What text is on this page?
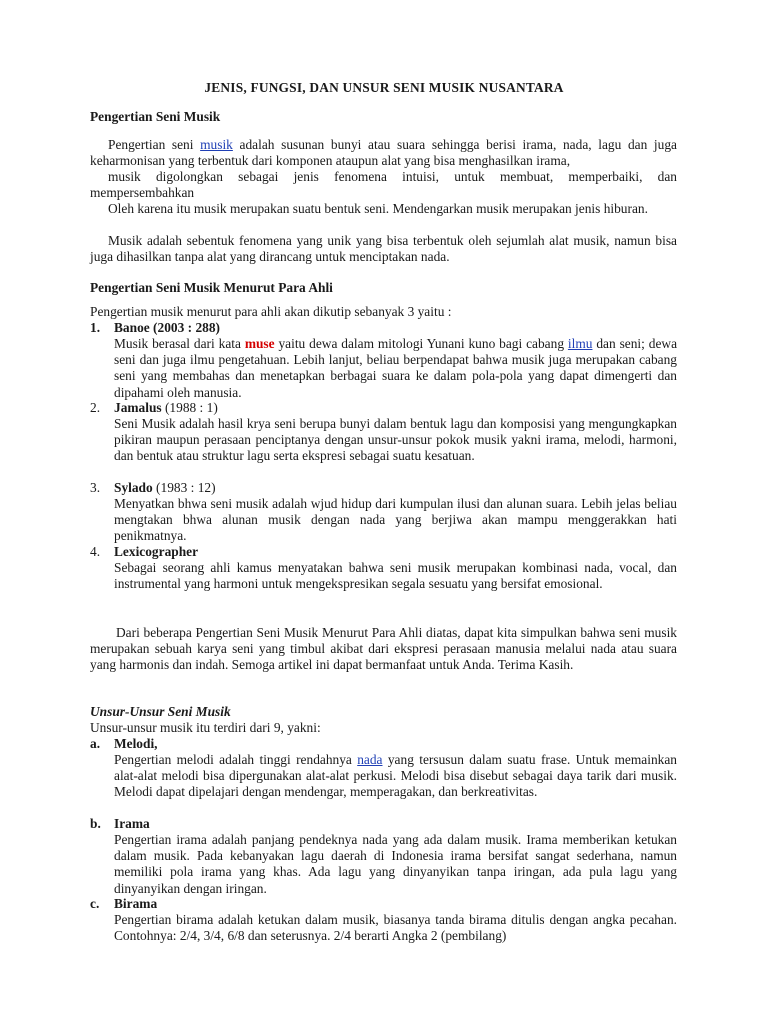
JENIS, FUNGSI, DAN UNSUR SENI MUSIK NUSANTARA
Pengertian Seni Musik
Pengertian seni musik adalah susunan bunyi atau suara sehingga berisi irama, nada, lagu dan juga keharmonisan yang terbentuk dari komponen ataupun alat yang bisa menghasilkan irama,
musik digolongkan sebagai jenis fenomena intuisi, untuk membuat, memperbaiki, dan mempersembahkan
Oleh karena itu musik merupakan suatu bentuk seni. Mendengarkan musik merupakan jenis hiburan.
Musik adalah sebentuk fenomena yang unik yang bisa terbentuk oleh sejumlah alat musik, namun bisa juga dihasilkan tanpa alat yang dirancang untuk menciptakan nada.
Pengertian Seni Musik Menurut Para Ahli
Pengertian musik menurut para ahli akan dikutip sebanyak 3 yaitu :
1. Banoe (2003 : 288)
Musik berasal dari kata muse yaitu dewa dalam mitologi Yunani kuno bagi cabang ilmu dan seni; dewa seni dan juga ilmu pengetahuan. Lebih lanjut, beliau berpendapat bahwa musik juga merupakan cabang seni yang membahas dan menetapkan berbagai suara ke dalam pola-pola yang dapat dimengerti dan dipahami oleh manusia.
2. Jamalus (1988 : 1)
Seni Musik adalah hasil krya seni berupa bunyi dalam bentuk lagu dan komposisi yang mengungkapkan pikiran maupun perasaan penciptanya dengan unsur-unsur pokok musik yakni irama, melodi, harmoni, dan bentuk atau struktur lagu serta ekspresi sebagai suatu kesatuan.
3. Sylado (1983 : 12)
Menyatkan bhwa seni musik adalah wjud hidup dari kumpulan ilusi dan alunan suara. Lebih jelas beliau mengtakan bhwa alunan musik dengan nada yang berjiwa akan mampu menggerakkan hati penikmatnya.
4. Lexicographer
Sebagai seorang ahli kamus menyatakan bahwa seni musik merupakan kombinasi nada, vocal, dan instrumental yang harmoni untuk mengekspresikan segala sesuatu yang bersifat emosional.
Dari beberapa Pengertian Seni Musik Menurut Para Ahli diatas, dapat kita simpulkan bahwa seni musik merupakan sebuah karya seni yang timbul akibat dari ekspresi perasaan manusia melalui nada atau suara yang harmonis dan indah. Semoga artikel ini dapat bermanfaat untuk Anda. Terima Kasih.
Unsur-Unsur Seni Musik
Unsur-unsur musik itu terdiri dari 9, yakni:
a. Melodi,
Pengertian melodi adalah tinggi rendahnya nada yang tersusun dalam suatu frase. Untuk memainkan alat-alat melodi bisa dipergunakan alat-alat perkusi. Melodi bisa disebut sebagai daya tarik dari musik. Melodi dapat dipelajari dengan mendengar, memperagakan, dan berkreativitas.
b. Irama
Pengertian irama adalah panjang pendeknya nada yang ada dalam musik. Irama memberikan ketukan dalam musik. Pada kebanyakan lagu daerah di Indonesia irama bersifat sangat sederhana, namun memiliki pola irama yang khas. Ada lagu yang dinyanyikan tanpa iringan, ada pula lagu yang dinyanyikan dengan iringan.
c. Birama
Pengertian birama adalah ketukan dalam musik, biasanya tanda birama ditulis dengan angka pecahan. Contohnya: 2/4, 3/4, 6/8 dan seterusnya. 2/4 berarti Angka 2 (pembilang)
